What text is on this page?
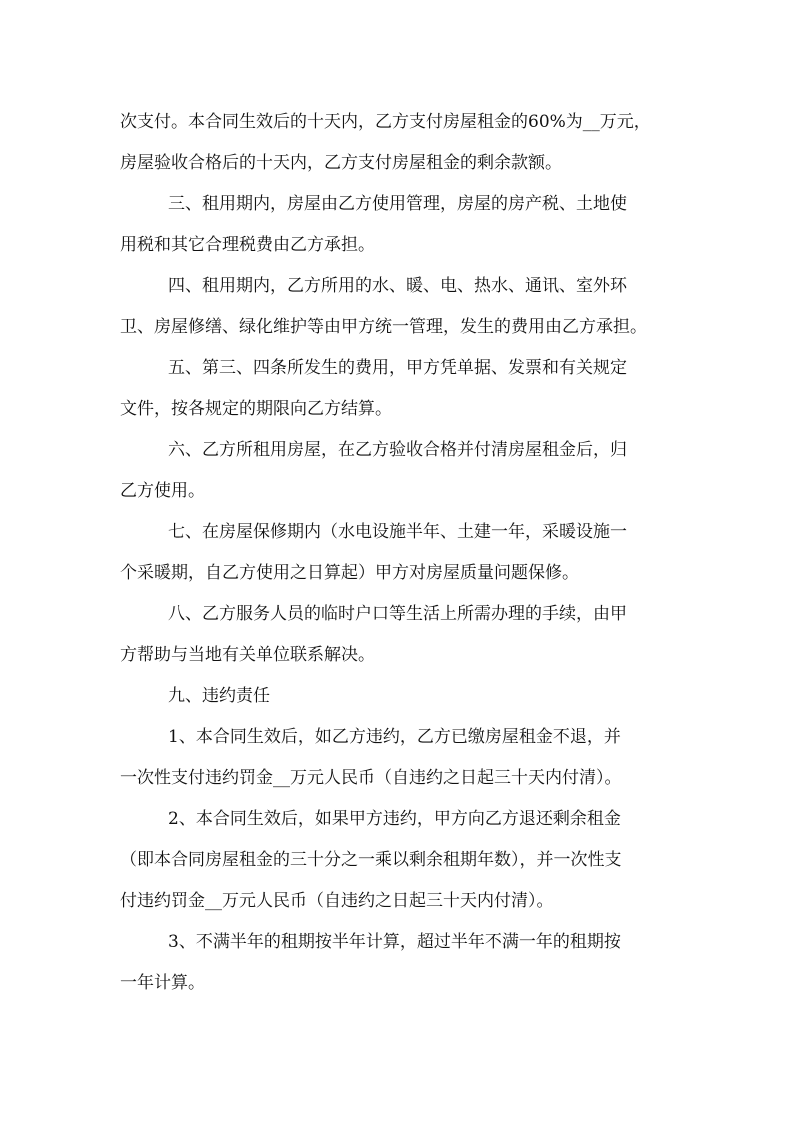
次支付。本合同生效后的十天内，乙方支付房屋租金的60%为__万元，
房屋验收合格后的十天内，乙方支付房屋租金的剩余款额。
三、租用期内，房屋由乙方使用管理，房屋的房产税、土地使
用税和其它合理税费由乙方承担。
四、租用期内，乙方所用的水、暖、电、热水、通讯、室外环
卫、房屋修缮、绿化维护等由甲方统一管理，发生的费用由乙方承担。
五、第三、四条所发生的费用，甲方凭单据、发票和有关规定
文件，按各规定的期限向乙方结算。
六、乙方所租用房屋，在乙方验收合格并付清房屋租金后，归
乙方使用。
七、在房屋保修期内（水电设施半年、土建一年，采暖设施一
个采暖期，自乙方使用之日算起）甲方对房屋质量问题保修。
八、乙方服务人员的临时户口等生活上所需办理的手续，由甲
方帮助与当地有关单位联系解决。
九、违约责任
1、本合同生效后，如乙方违约，乙方已缴房屋租金不退，并
一次性支付违约罚金__万元人民币（自违约之日起三十天内付清）。
2、本合同生效后，如果甲方违约，甲方向乙方退还剩余租金
（即本合同房屋租金的三十分之一乘以剩余租期年数），并一次性支
付违约罚金__万元人民币（自违约之日起三十天内付清）。
3、不满半年的租期按半年计算，超过半年不满一年的租期按
一年计算。
